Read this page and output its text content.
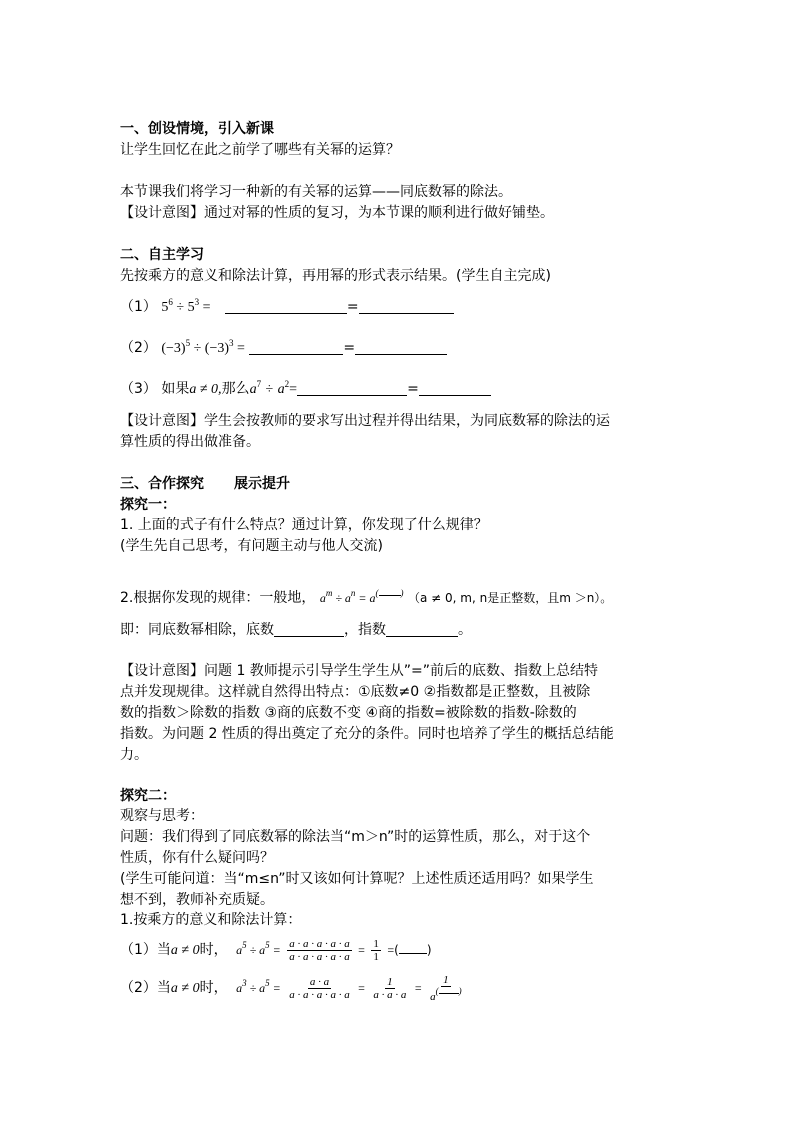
一、创设情境，引入新课
让学生回忆在此之前学了哪些有关幂的运算？
本节课我们将学习一种新的有关幂的运算——同底数幂的除法。
【设计意图】通过对幂的性质的复习，为本节课的顺利进行做好铺垫。
二、自主学习
先按乘方的意义和除法计算，再用幂的形式表示结果。(学生自主完成)
（1） $5^6 \div 5^3$ =	=
（2） $(-3)^5 \div (-3)^3$ =	=
（3） 如果a ≠ 0,那么$a^7 \div a^2=$	=
【设计意图】学生会按教师的要求写出过程并得出结果，为同底数幂的除法的运
算性质的得出做准备。
三、合作探究 展示提升
探究一：
1. 上面的式子有什么特点？通过计算，你发现了什么规律？
(学生先自己思考，有问题主动与他人交流)
2.根据你发现的规律：一般地， $a^m \div a^n = a^{( )}$ （a ≠ 0, m, n是正整数，且m ＞n）。
即：同底数幂相除，底数	，指数	。
【设计意图】问题 1 教师提示引导学生学生从”=”前后的底数、指数上总结特
点并发现规律。这样就自然得出特点：①底数≠0 ②指数都是正整数，且被除
数的指数＞除数的指数 ③商的底数不变 ④商的指数=被除数的指数-除数的
指数。为问题 2 性质的得出奠定了充分的条件。同时也培养了学生的概括总结能
力。
探究二：
观察与思考：
问题：我们得到了同底数幂的除法当“m＞n”时的运算性质，那么，对于这个
性质，你有什么疑问吗？
(学生可能问道：当“m≤n”时又该如何计算呢？上述性质还适用吗？如果学生
想不到，教师补充质疑。
1.按乘方的意义和除法计算：
（1）当a ≠ 0时， $a^5 \div a^5 = \frac{a \cdot a \cdot a \cdot a \cdot a}{a \cdot a \cdot a \cdot a \cdot a} = \frac{1}{1}$ =( )
（2）当a ≠ 0时， $a^3 \div a^5 = \frac{a \cdot a}{a \cdot a \cdot a \cdot a \cdot a} = \frac{1}{a \cdot a \cdot a} = \frac{1}{a^{( )}}$
